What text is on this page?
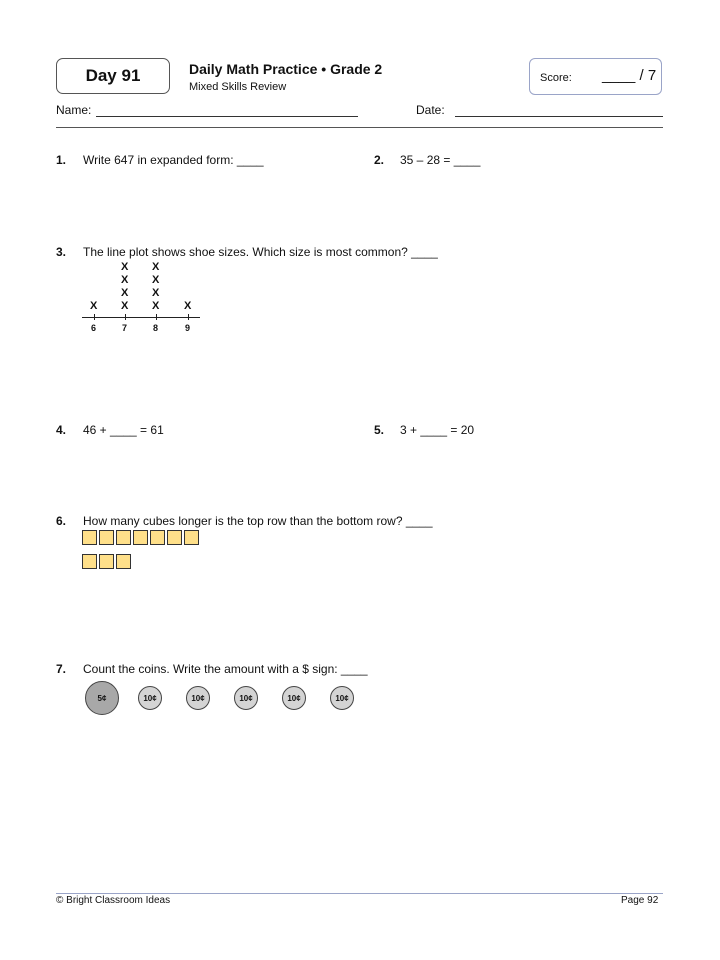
Day 91	Daily Math Practice • Grade 2
Mixed Skills Review
Score: ____ / 7
Name:	Date:
1. Write 647 in expanded form: ____	2. 35 – 28 = ____
3. The line plot shows shoe sizes. Which size is most common? ____
X
6
X
X
X
X
7
X
X
X
X
8
X
9
4. 46 + ____ = 61	5. 3 + ____ = 20
6. How many cubes longer is the top row than the bottom row? ____
7. Count the coins. Write the amount with a $ sign: ____
5¢	10¢	10¢	10¢	10¢	10¢
© Bright Classroom Ideas	Page 92
